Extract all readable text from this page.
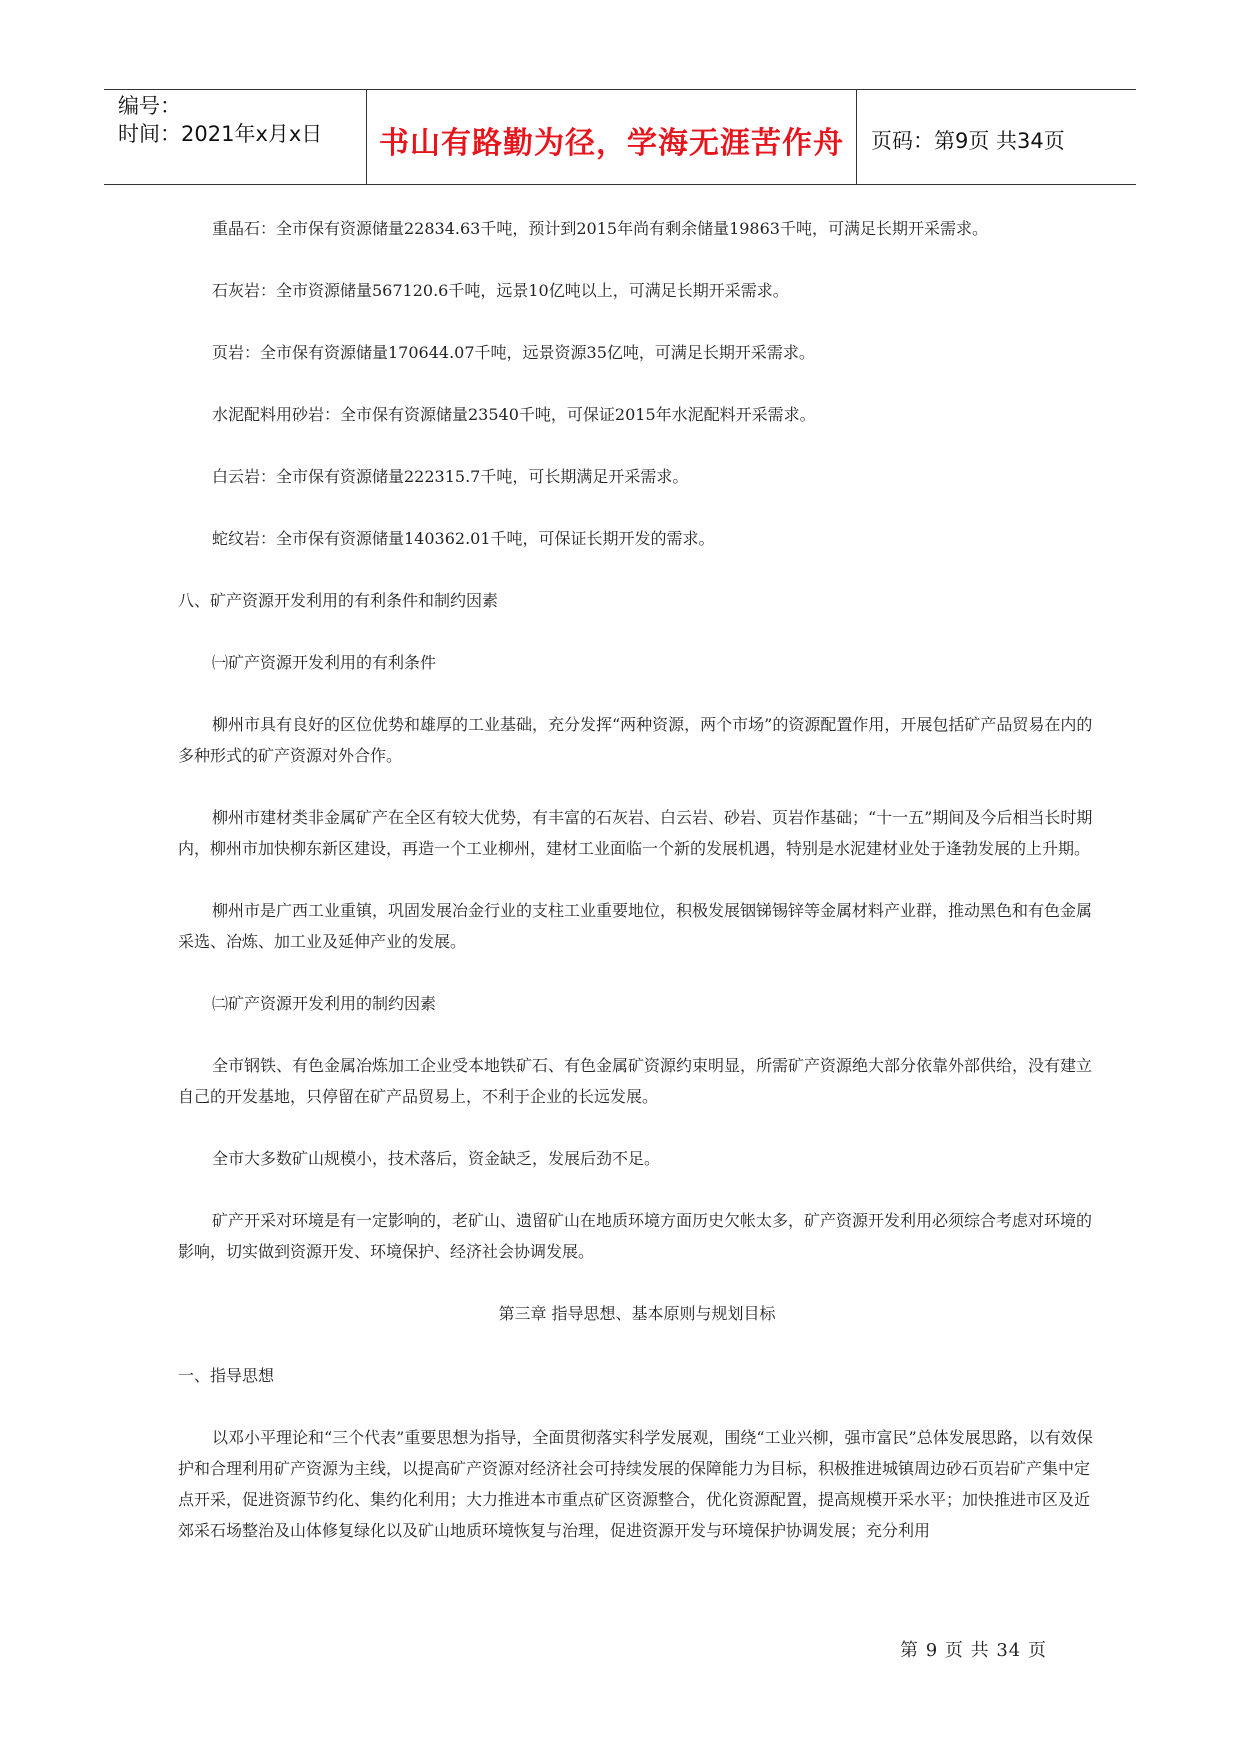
编号：
时间：2021年x月x日	书山有路勤为径，学海无涯苦作舟	页码：第9页 共34页

重晶石：全市保有资源储量22834.63千吨，预计到2015年尚有剩余储量19863千吨，可满足长期开采需求。

石灰岩：全市资源储量567120.6千吨，远景10亿吨以上，可满足长期开采需求。

页岩：全市保有资源储量170644.07千吨，远景资源35亿吨，可满足长期开采需求。

水泥配料用砂岩：全市保有资源储量23540千吨，可保证2015年水泥配料开采需求。

白云岩：全市保有资源储量222315.7千吨，可长期满足开采需求。

蛇纹岩：全市保有资源储量140362.01千吨，可保证长期开发的需求。

八、矿产资源开发利用的有利条件和制约因素

㈠矿产资源开发利用的有利条件

柳州市具有良好的区位优势和雄厚的工业基础，充分发挥“两种资源，两个市场”的资源配置作用，开展包括矿产品贸易在内的多种形式的矿产资源对外合作。

柳州市建材类非金属矿产在全区有较大优势，有丰富的石灰岩、白云岩、砂岩、页岩作基础；“十一五”期间及今后相当长时期内，柳州市加快柳东新区建设，再造一个工业柳州，建材工业面临一个新的发展机遇，特别是水泥建材业处于逢勃发展的上升期。

柳州市是广西工业重镇，巩固发展冶金行业的支柱工业重要地位，积极发展铟锑锡锌等金属材料产业群，推动黑色和有色金属采选、冶炼、加工业及延伸产业的发展。

㈡矿产资源开发利用的制约因素

全市钢铁、有色金属冶炼加工企业受本地铁矿石、有色金属矿资源约束明显，所需矿产资源绝大部分依靠外部供给，没有建立自己的开发基地，只停留在矿产品贸易上，不利于企业的长远发展。

全市大多数矿山规模小，技术落后，资金缺乏，发展后劲不足。

矿产开采对环境是有一定影响的，老矿山、遗留矿山在地质环境方面历史欠帐太多，矿产资源开发利用必须综合考虑对环境的影响，切实做到资源开发、环境保护、经济社会协调发展。

第三章 指导思想、基本原则与规划目标

一、指导思想

以邓小平理论和“三个代表”重要思想为指导，全面贯彻落实科学发展观，围绕“工业兴柳，强市富民”总体发展思路，以有效保护和合理利用矿产资源为主线，以提高矿产资源对经济社会可持续发展的保障能力为目标，积极推进城镇周边砂石页岩矿产集中定点开采，促进资源节约化、集约化利用；大力推进本市重点矿区资源整合，优化资源配置，提高规模开采水平；加快推进市区及近郊采石场整治及山体修复绿化以及矿山地质环境恢复与治理，促进资源开发与环境保护协调发展；充分利用

第 9 页 共 34 页
